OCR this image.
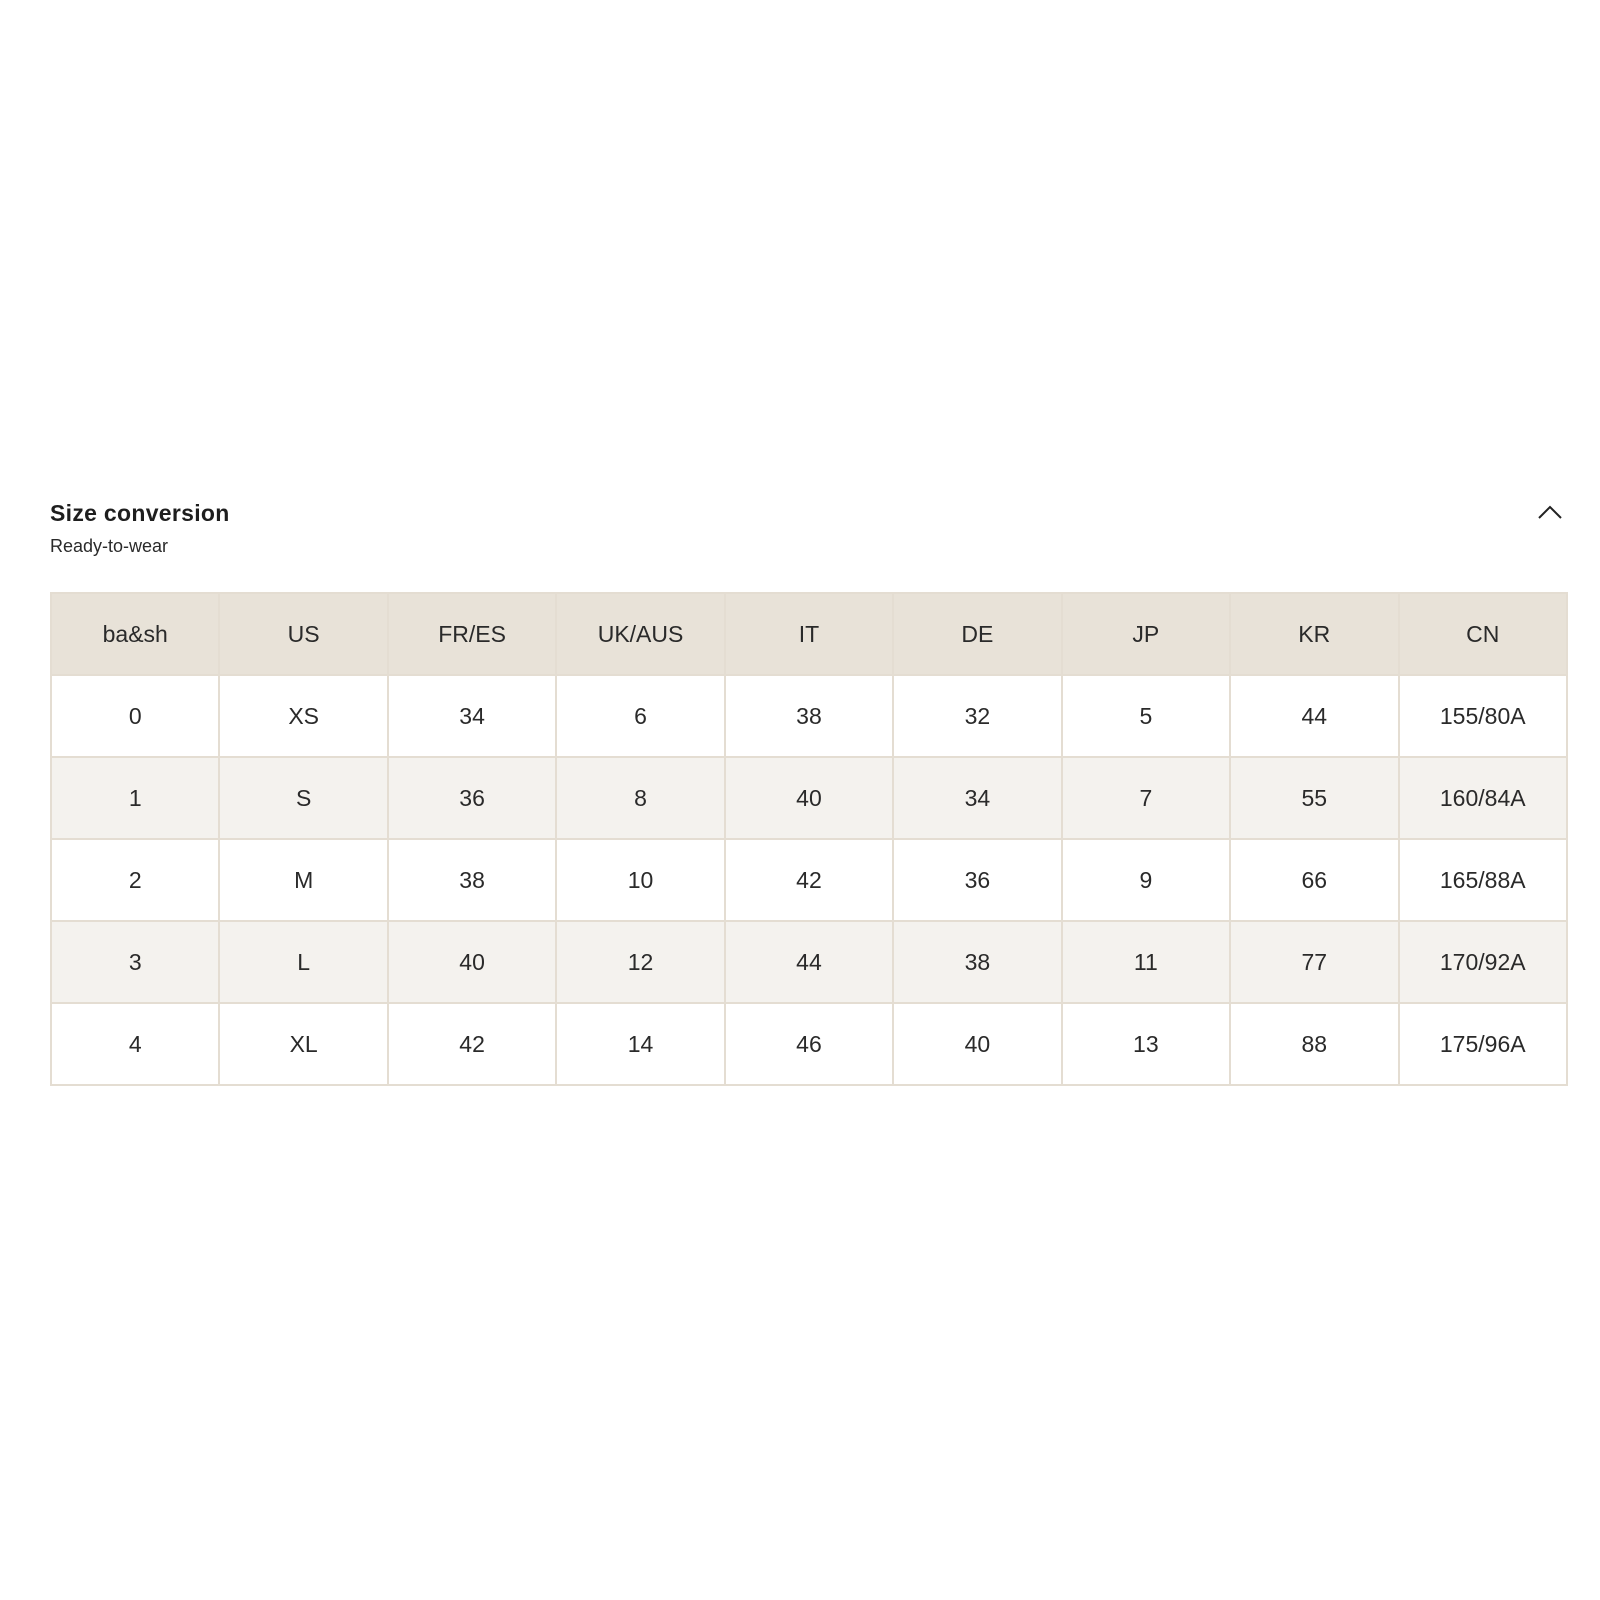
Size conversion
Ready-to-wear
ba&sh	US	FR/ES	UK/AUS	IT	DE	JP	KR	CN
0	XS	34	6	38	32	5	44	155/80A
1	S	36	8	40	34	7	55	160/84A
2	M	38	10	42	36	9	66	165/88A
3	L	40	12	44	38	11	77	170/92A
4	XL	42	14	46	40	13	88	175/96A
